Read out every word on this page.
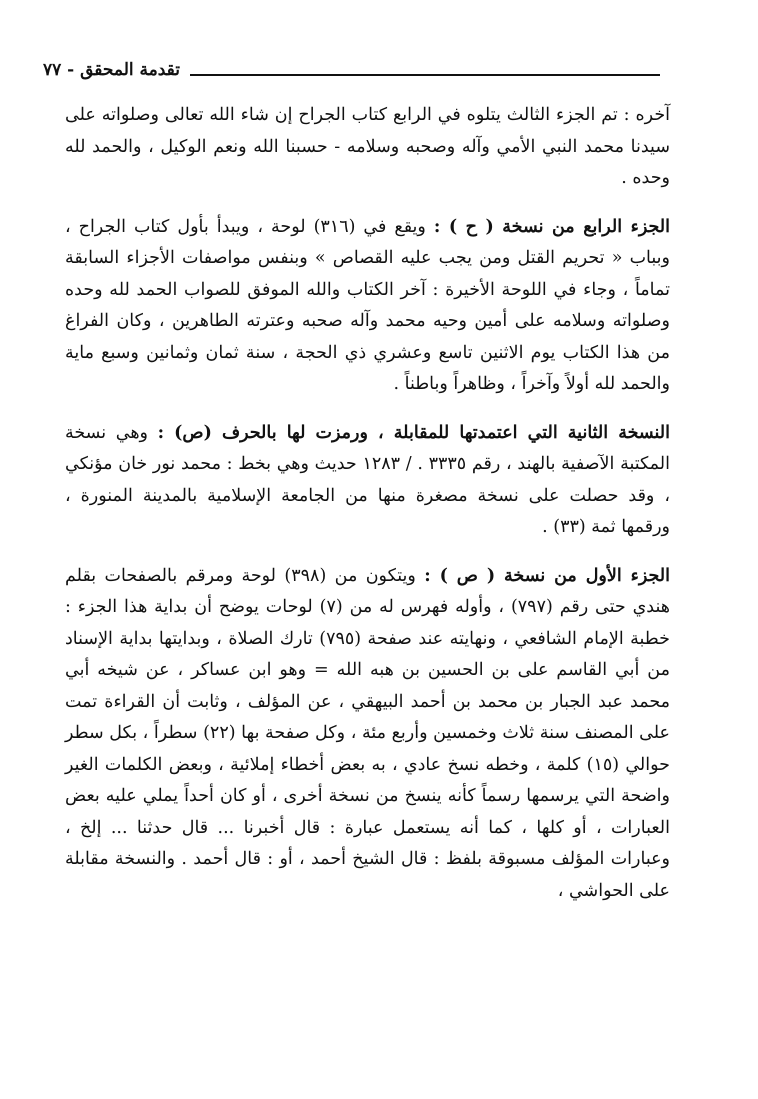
تقدمة المحقق - ٧٧

آخره : تم الجزء الثالث يتلوه في الرابع كتاب الجراح إن شاء الله تعالى وصلواته على سيدنا محمد النبي الأمي وآله وصحبه وسلامه - حسبنا الله ونعم الوكيل ، والحمد لله وحده .

الجزء الرابع من نسخة ( ح ) : ويقع في (٣١٦) لوحة ، ويبدأ بأول كتاب الجراح ، وبباب « تحريم القتل ومن يجب عليه القصاص » وبنفس مواصفات الأجزاء السابقة تماماً ، وجاء في اللوحة الأخيرة : آخر الكتاب والله الموفق للصواب الحمد لله وحده وصلواته وسلامه على أمين وحيه محمد وآله صحبه وعترته الطاهرين ، وكان الفراغ من هذا الكتاب يوم الاثنين تاسع وعشري ذي الحجة ، سنة ثمان وثمانين وسبع ماية والحمد لله أولاً وآخراً ، وظاهراً وباطناً .

النسخة الثانية التي اعتمدتها للمقابلة ، ورمزت لها بالحرف (ص) : وهي نسخة المكتبة الآصفية بالهند ، رقم ٣٣٣٥ . / ١٢٨٣ حديث وهي بخط : محمد نور خان مؤنكي ، وقد حصلت على نسخة مصغرة منها من الجامعة الإسلامية بالمدينة المنورة ، ورقمها ثمة (٣٣) .

الجزء الأول من نسخة ( ص ) : ويتكون من (٣٩٨) لوحة ومرقم بالصفحات بقلم هندي حتى رقم (٧٩٧) ، وأوله فهرس له من (٧) لوحات يوضح أن بداية هذا الجزء : خطبة الإمام الشافعي ، ونهايته عند صفحة (٧٩٥) تارك الصلاة ، وبدايتها بداية الإسناد من أبي القاسم على بن الحسين بن هبه الله = وهو ابن عساكر ، عن شيخه أبي محمد عبد الجبار بن محمد بن أحمد البيهقي ، عن المؤلف ، وثابت أن القراءة تمت على المصنف سنة ثلاث وخمسين وأربع مئة ، وكل صفحة بها (٢٢) سطراً ، بكل سطر حوالي (١٥) كلمة ، وخطه نسخ عادي ، به بعض أخطاء إملائية ، وبعض الكلمات الغير واضحة التي يرسمها رسماً كأنه ينسخ من نسخة أخرى ، أو كان أحداً يملي عليه بعض العبارات ، أو كلها ، كما أنه يستعمل عبارة : قال أخبرنا ... قال حدثنا ... إلخ ، وعبارات المؤلف مسبوقة بلفظ : قال الشيخ أحمد ، أو : قال أحمد . والنسخة مقابلة على الحواشي ،
